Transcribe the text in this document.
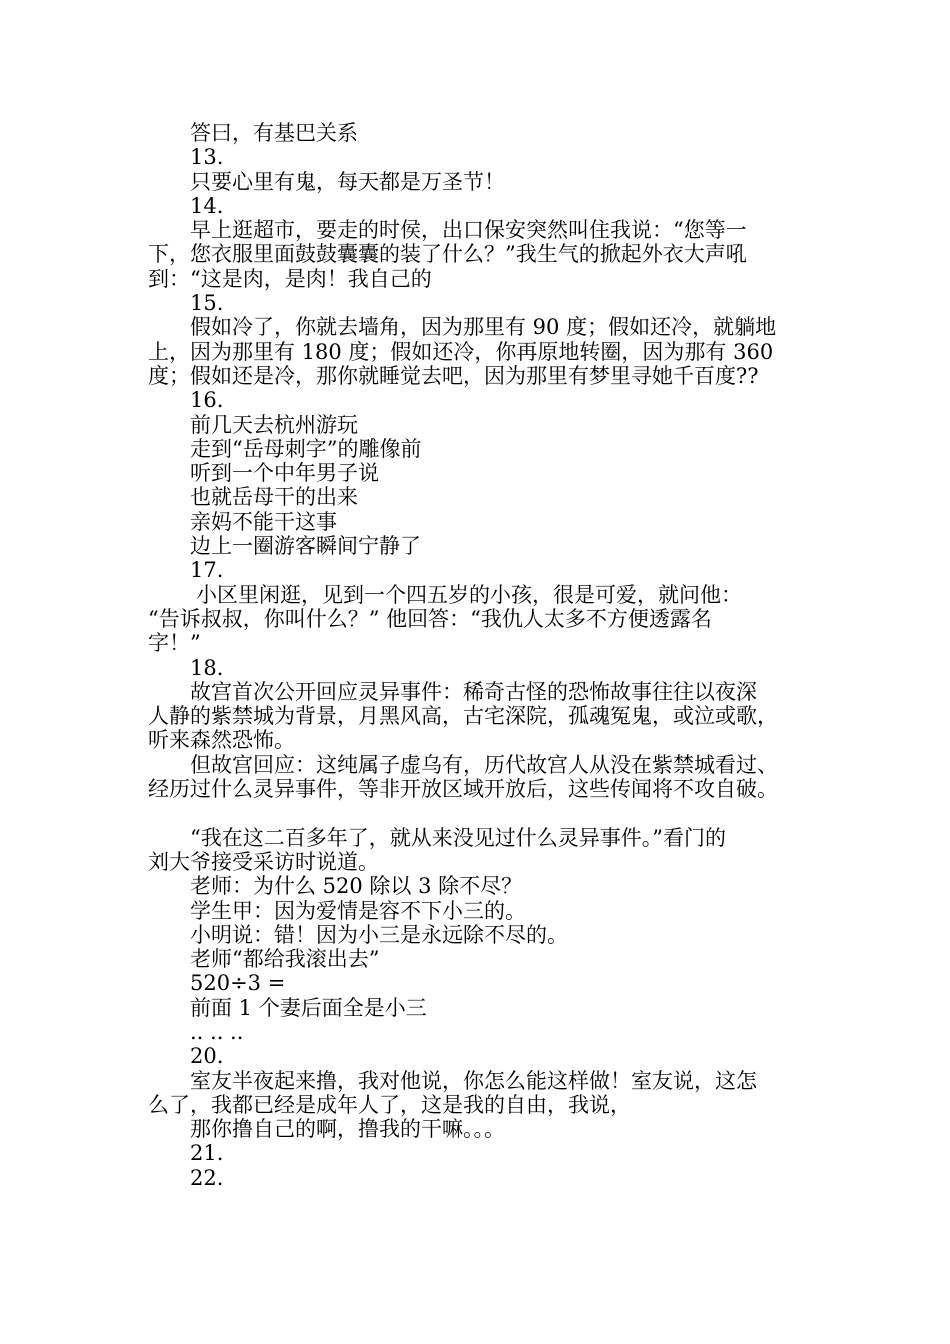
答曰，有基巴关系
13.
只要心里有鬼，每天都是万圣节！
14.
早上逛超市，要走的时侯，出口保安突然叫住我说：“您等一
下，您衣服里面鼓鼓囊囊的装了什么？”我生气的掀起外衣大声吼
到：“这是肉，是肉！我自己的
15.
假如冷了，你就去墙角，因为那里有 90 度；假如还冷，就躺地
上，因为那里有 180 度；假如还冷，你再原地转圈，因为那有 360
度；假如还是冷，那你就睡觉去吧，因为那里有梦里寻她千百度??
16.
前几天去杭州游玩
走到“岳母刺字”的雕像前
听到一个中年男子说
也就岳母干的出来
亲妈不能干这事
边上一圈游客瞬间宁静了
17.
小区里闲逛，见到一个四五岁的小孩，很是可爱，就问他：
“告诉叔叔，你叫什么？” 他回答：“我仇人太多不方便透露名
字！”
18.
故宫首次公开回应灵异事件：稀奇古怪的恐怖故事往往以夜深
人静的紫禁城为背景，月黑风高，古宅深院，孤魂冤鬼，或泣或歌，
听来森然恐怖。
但故宫回应：这纯属子虚乌有，历代故宫人从没在紫禁城看过、
经历过什么灵异事件，等非开放区域开放后，这些传闻将不攻自破。
“我在这二百多年了，就从来没见过什么灵异事件。”看门的
刘大爷接受采访时说道。
老师：为什么 520 除以 3 除不尽？
学生甲：因为爱情是容不下小三的。
小明说：错！因为小三是永远除不尽的。
老师“都给我滚出去”
520÷3 =
前面 1 个妻后面全是小三
.. .. ..
20.
室友半夜起来撸，我对他说，你怎么能这样做！室友说，这怎
么了，我都已经是成年人了，这是我的自由，我说，
那你撸自己的啊，撸我的干嘛。。。
21.
22.
